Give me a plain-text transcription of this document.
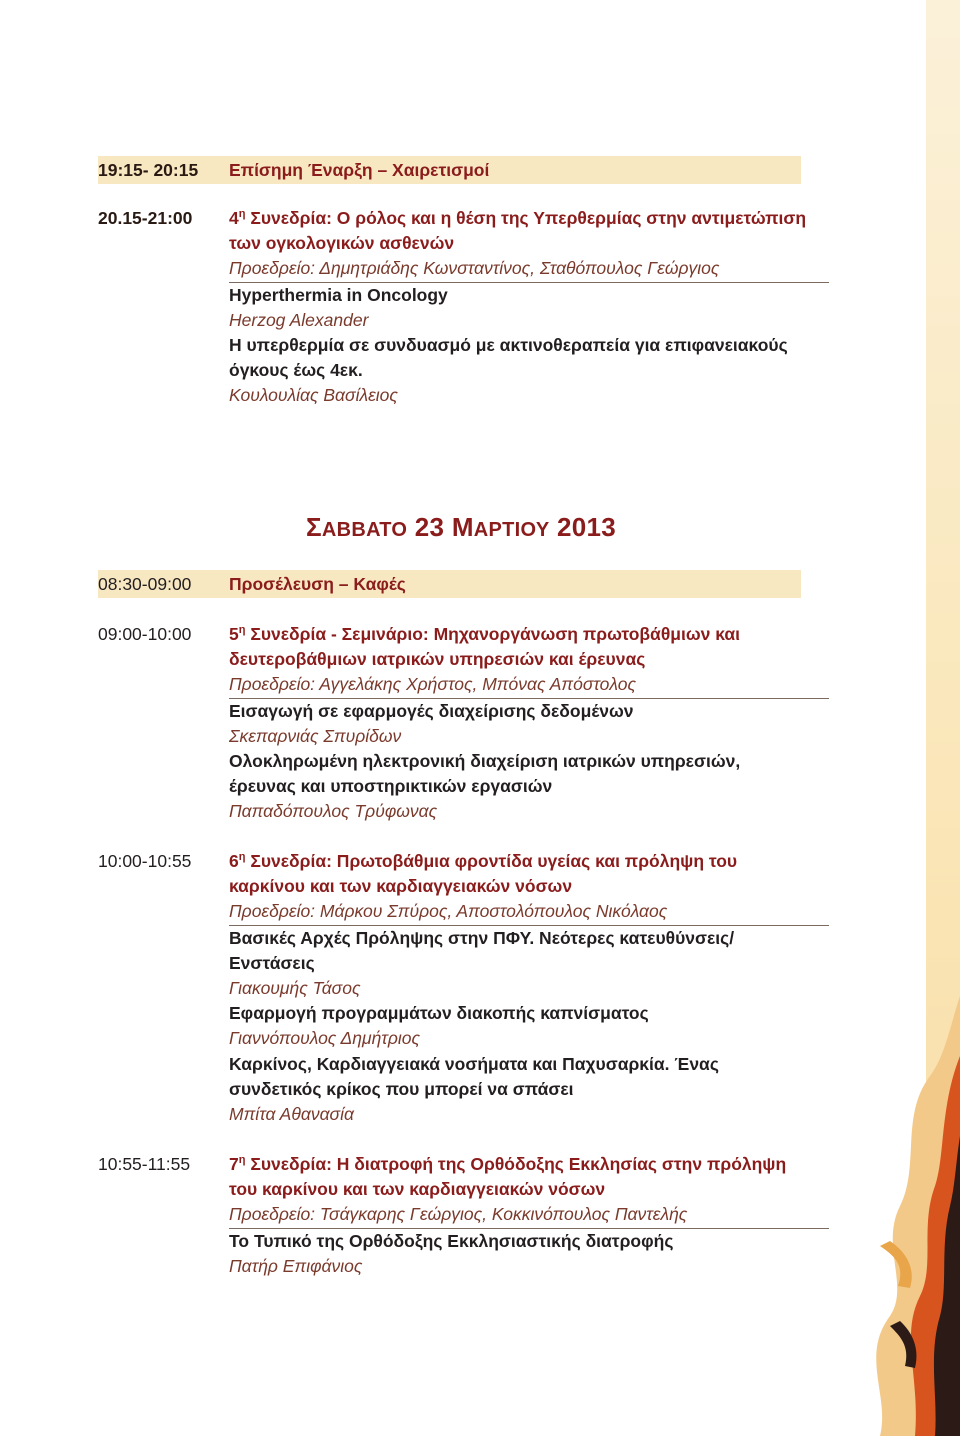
19:15- 20:15	Επίσημη Έναρξη – Χαιρετισμοί
20.15-21:00	$4^\eta$ Συνεδρία: Ο ρόλος και η θέση της Υπερθερμίας στην αντιμετώπιση
των ογκολογικών ασθενών
Προεδρείο: Δημητριάδης Κωνσταντίνος, Σταθόπουλος Γεώργιος
Hyperthermia in Oncology
Herzog Alexander
Η υπερθερμία σε συνδυασμό με ακτινοθεραπεία για επιφανειακούς
όγκους έως 4εκ.
Κουλουλίας Βασίλειος
ΣΑΒΒΑΤΟ 23 ΜΑΡΤΙΟΥ 2013
08:30-09:00	Προσέλευση – Καφές
09:00-10:00	$5^\eta$ Συνεδρία - Σεμινάριο: Μηχανοργάνωση πρωτοβάθμιων και
δευτεροβάθμιων ιατρικών υπηρεσιών και έρευνας
Προεδρείο: Αγγελάκης Χρήστος, Μπόνας Απόστολος
Εισαγωγή σε εφαρμογές διαχείρισης δεδομένων
Σκεπαρνιάς Σπυρίδων
Ολοκληρωμένη ηλεκτρονική διαχείριση ιατρικών υπηρεσιών,
έρευνας και υποστηρικτικών εργασιών
Παπαδόπουλος Τρύφωνας
10:00-10:55	$6^\eta$ Συνεδρία: Πρωτοβάθμια φροντίδα υγείας και πρόληψη του
καρκίνου και των καρδιαγγειακών νόσων
Προεδρείο: Μάρκου Σπύρος, Αποστολόπουλος Νικόλαος
Βασικές Αρχές Πρόληψης στην ΠΦΥ. Νεότερες κατευθύνσεις/
Ενστάσεις
Γιακουμής Τάσος
Εφαρμογή προγραμμάτων διακοπής καπνίσματος
Γιαννόπουλος Δημήτριος
Καρκίνος, Καρδιαγγειακά νοσήματα και Παχυσαρκία. Ένας
συνδετικός κρίκος που μπορεί να σπάσει
Μπίτα Αθανασία
10:55-11:55	$7^\eta$ Συνεδρία: Η διατροφή της Ορθόδοξης Εκκλησίας στην πρόληψη
του καρκίνου και των καρδιαγγειακών νόσων
Προεδρείο: Τσάγκαρης Γεώργιος, Κοκκινόπουλος Παντελής
Το Τυπικό της Ορθόδοξης Εκκλησιαστικής διατροφής
Πατήρ Επιφάνιος
